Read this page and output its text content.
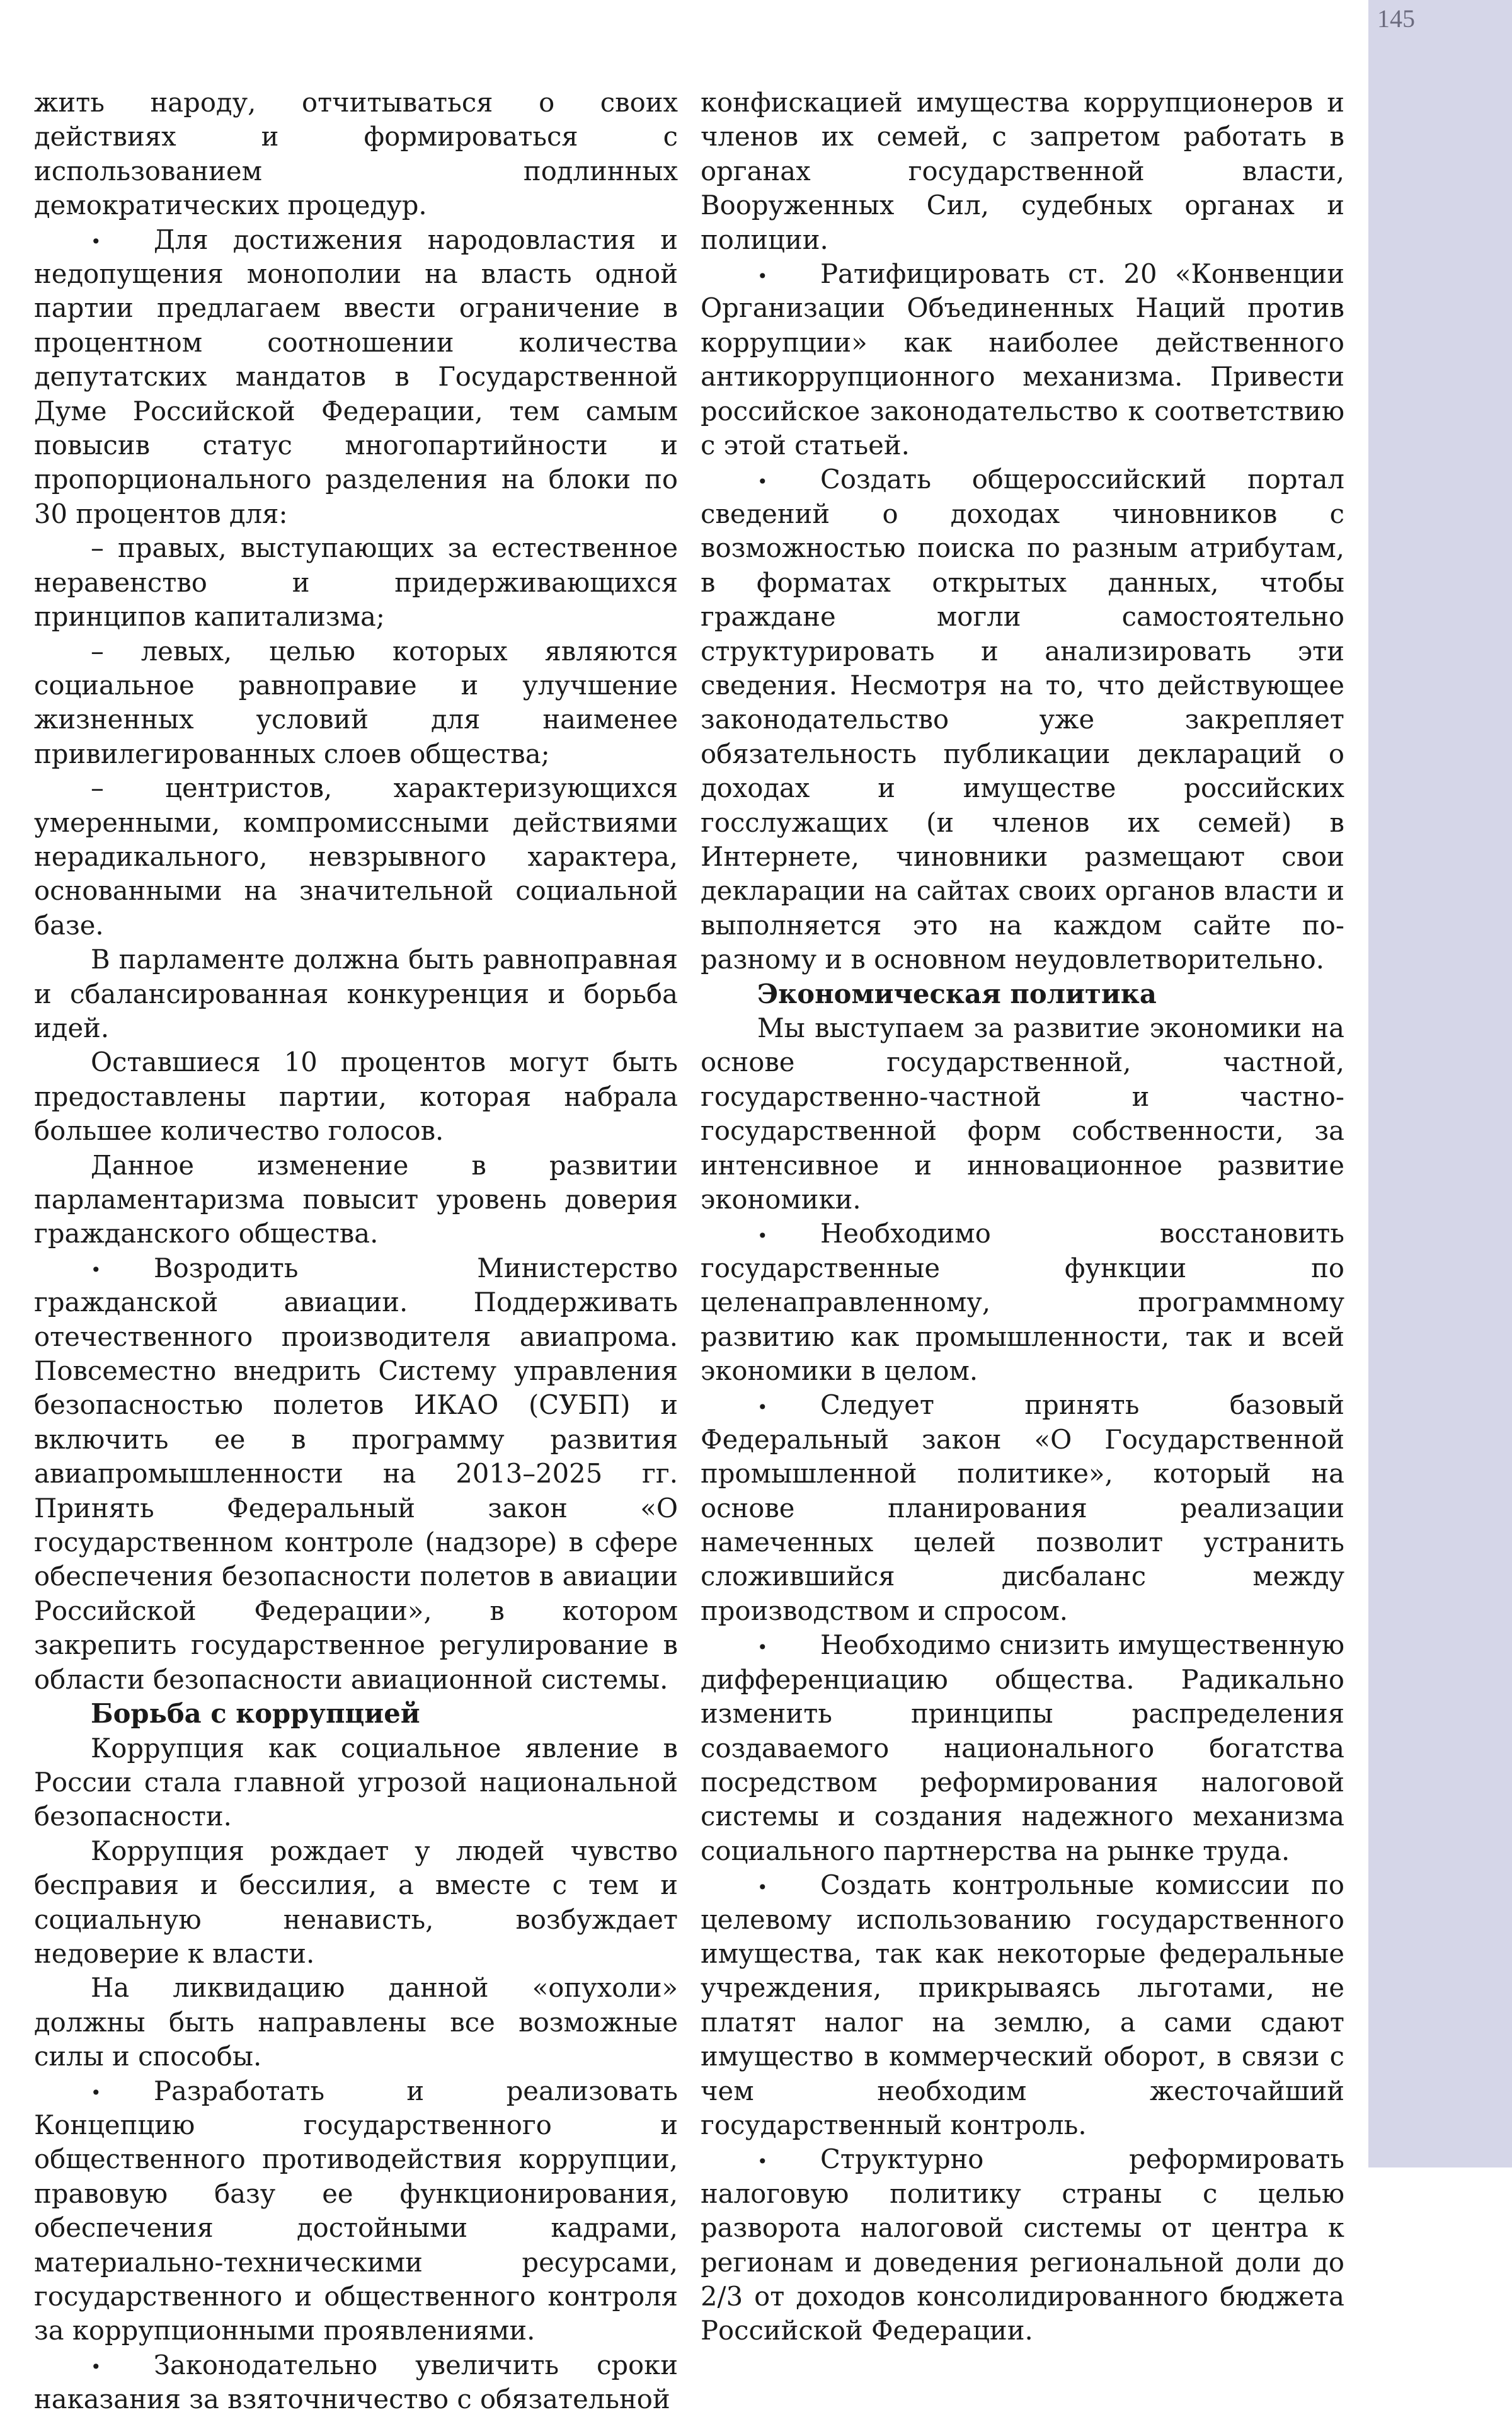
145

жить народу, отчитываться о своих действиях и формироваться с использованием подлинных демократических процедур.

• Для достижения народовластия и недопущения монополии на власть одной партии предлагаем ввести ограничение в процентном соотношении количества депутатских мандатов в Государственной Думе Российской Федерации, тем самым повысив статус многопартийности и пропорционального разделения на блоки по 30 процентов для:

– правых, выступающих за естественное неравенство и придерживающихся принципов капитализма;

– левых, целью которых являются социальное равноправие и улучшение жизненных условий для наименее привилегированных слоев общества;

– центристов, характеризующихся умеренными, компромиссными действиями нерадикального, невзрывного характера, основанными на значительной социальной базе.

В парламенте должна быть равноправная и сбалансированная конкуренция и борьба идей.

Оставшиеся 10 процентов могут быть предоставлены партии, которая набрала большее количество голосов.

Данное изменение в развитии парламентаризма повысит уровень доверия гражданского общества.

• Возродить Министерство гражданской авиации. Поддерживать отечественного производителя авиапрома. Повсеместно внедрить Систему управления безопасностью полетов ИКАО (СУБП) и включить ее в программу развития авиапромышленности на 2013–2025 гг. Принять Федеральный закон «О государственном контроле (надзоре) в сфере обеспечения безопасности полетов в авиации Российской Федерации», в котором закрепить государственное регулирование в области безопасности авиационной системы.

Борьба с коррупцией

Коррупция как социальное явление в России стала главной угрозой национальной безопасности.

Коррупция рождает у людей чувство бесправия и бессилия, а вместе с тем и социальную ненависть, возбуждает недоверие к власти.

На ликвидацию данной «опухоли» должны быть направлены все возможные силы и способы.

• Разработать и реализовать Концепцию государственного и общественного противодействия коррупции, правовую базу ее функционирования, обеспечения достойными кадрами, материально-техническими ресурсами, государственного и общественного контроля за коррупционными проявлениями.

• Законодательно увеличить сроки наказания за взяточничество с обязательной

конфискацией имущества коррупционеров и членов их семей, с запретом работать в органах государственной власти, Вооруженных Сил, судебных органах и полиции.

• Ратифицировать ст. 20 «Конвенции Организации Объединенных Наций против коррупции» как наиболее действенного антикоррупционного механизма. Привести российское законодательство к соответствию с этой статьей.

• Создать общероссийский портал сведений о доходах чиновников с возможностью поиска по разным атрибутам, в форматах открытых данных, чтобы граждане могли самостоятельно структурировать и анализировать эти сведения. Несмотря на то, что действующее законодательство уже закрепляет обязательность публикации деклараций о доходах и имуществе российских госслужащих (и членов их семей) в Интернете, чиновники размещают свои декларации на сайтах своих органов власти и выполняется это на каждом сайте по-разному и в основном неудовлетворительно.

Экономическая политика

Мы выступаем за развитие экономики на основе государственной, частной, государственно-частной и частно-государственной форм собственности, за интенсивное и инновационное развитие экономики.

• Необходимо восстановить государственные функции по целенаправленному, программному развитию как промышленности, так и всей экономики в целом.

• Следует принять базовый Федеральный закон «О Государственной промышленной политике», который на основе планирования реализации намеченных целей позволит устранить сложившийся дисбаланс между производством и спросом.

• Необходимо снизить имущественную дифференциацию общества. Радикально изменить принципы распределения создаваемого национального богатства посредством реформирования налоговой системы и создания надежного механизма социального партнерства на рынке труда.

• Создать контрольные комиссии по целевому использованию государственного имущества, так как некоторые федеральные учреждения, прикрываясь льготами, не платят налог на землю, а сами сдают имущество в коммерческий оборот, в связи с чем необходим жесточайший государственный контроль.

• Структурно реформировать налоговую политику страны с целью разворота налоговой системы от центра к регионам и доведения региональной доли до 2/3 от доходов консолидированного бюджета Российской Федерации.
